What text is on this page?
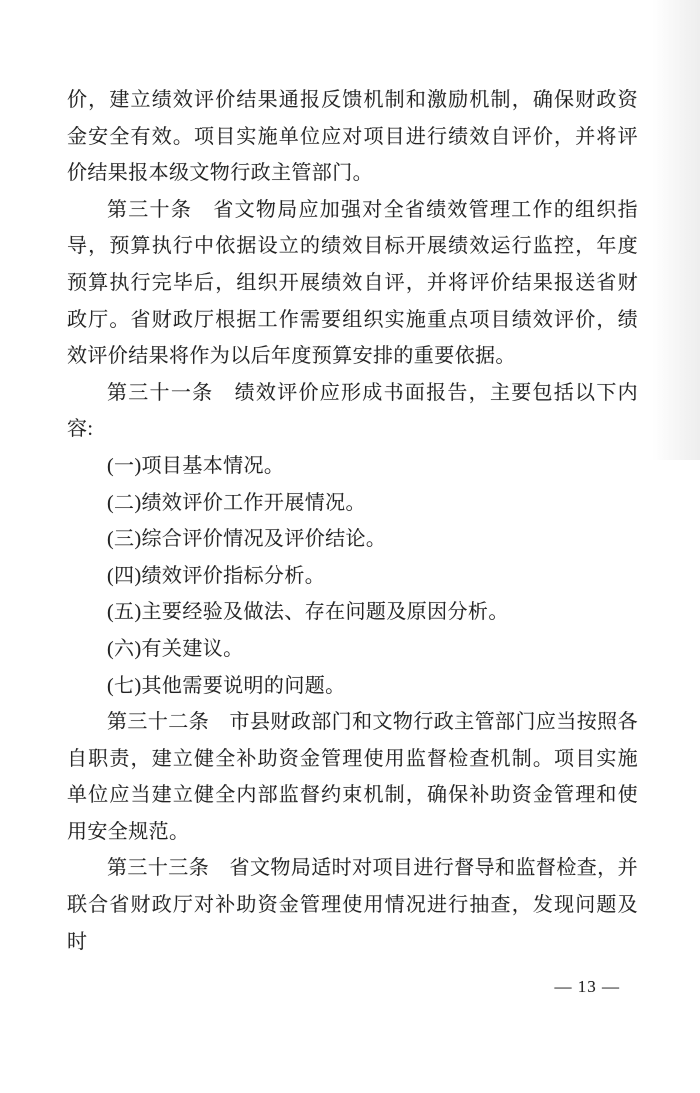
价，建立绩效评价结果通报反馈机制和激励机制，确保财政资金安全有效。项目实施单位应对项目进行绩效自评价，并将评价结果报本级文物行政主管部门。

第三十条　省文物局应加强对全省绩效管理工作的组织指导，预算执行中依据设立的绩效目标开展绩效运行监控，年度预算执行完毕后，组织开展绩效自评，并将评价结果报送省财政厅。省财政厅根据工作需要组织实施重点项目绩效评价，绩效评价结果将作为以后年度预算安排的重要依据。

第三十一条　绩效评价应形成书面报告，主要包括以下内容:

(一)项目基本情况。

(二)绩效评价工作开展情况。

(三)综合评价情况及评价结论。

(四)绩效评价指标分析。

(五)主要经验及做法、存在问题及原因分析。

(六)有关建议。

(七)其他需要说明的问题。

第三十二条　市县财政部门和文物行政主管部门应当按照各自职责，建立健全补助资金管理使用监督检查机制。项目实施单位应当建立健全内部监督约束机制，确保补助资金管理和使用安全规范。

第三十三条　省文物局适时对项目进行督导和监督检查，并联合省财政厅对补助资金管理使用情况进行抽查，发现问题及时

— 13 —
